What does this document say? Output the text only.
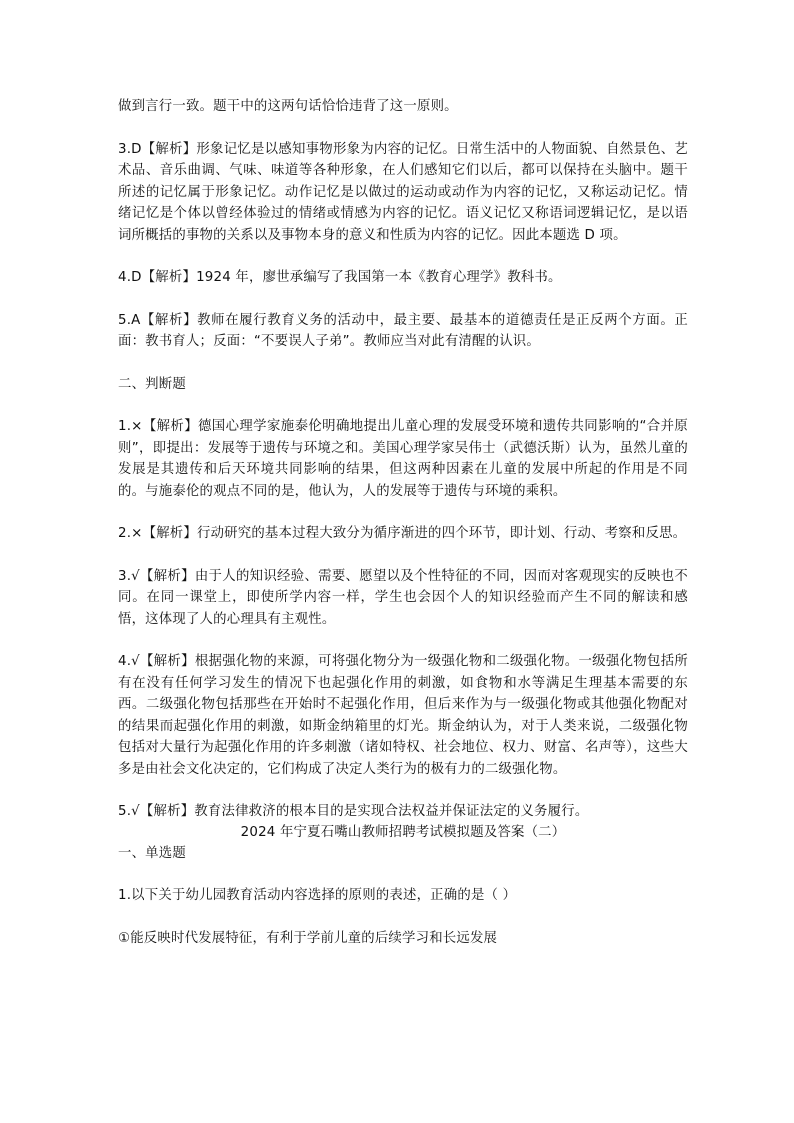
做到言行一致。题干中的这两句话恰恰违背了这一原则。

3.D【解析】形象记忆是以感知事物形象为内容的记忆。日常生活中的人物面貌、自然景色、艺术品、音乐曲调、气味、味道等各种形象，在人们感知它们以后，都可以保持在头脑中。题干所述的记忆属于形象记忆。动作记忆是以做过的运动或动作为内容的记忆，又称运动记忆。情绪记忆是个体以曾经体验过的情绪或情感为内容的记忆。语义记忆又称语词逻辑记忆，是以语词所概括的事物的关系以及事物本身的意义和性质为内容的记忆。因此本题选 D 项。

4.D【解析】1924 年，廖世承编写了我国第一本《教育心理学》教科书。

5.A【解析】教师在履行教育义务的活动中，最主要、最基本的道德责任是正反两个方面。正面：教书育人；反面：“不要误人子弟”。教师应当对此有清醒的认识。

二、判断题

1.×【解析】德国心理学家施泰伦明确地提出儿童心理的发展受环境和遗传共同影响的“合并原则”，即提出：发展等于遗传与环境之和。美国心理学家吴伟士（武德沃斯）认为，虽然儿童的发展是其遗传和后天环境共同影响的结果，但这两种因素在儿童的发展中所起的作用是不同的。与施泰伦的观点不同的是，他认为，人的发展等于遗传与环境的乘积。

2.×【解析】行动研究的基本过程大致分为循序渐进的四个环节，即计划、行动、考察和反思。

3.√【解析】由于人的知识经验、需要、愿望以及个性特征的不同，因而对客观现实的反映也不同。在同一课堂上，即使所学内容一样，学生也会因个人的知识经验而产生不同的解读和感悟，这体现了人的心理具有主观性。

4.√【解析】根据强化物的来源，可将强化物分为一级强化物和二级强化物。一级强化物包括所有在没有任何学习发生的情况下也起强化作用的刺激，如食物和水等满足生理基本需要的东西。二级强化物包括那些在开始时不起强化作用，但后来作为与一级强化物或其他强化物配对的结果而起强化作用的刺激，如斯金纳箱里的灯光。斯金纳认为，对于人类来说，二级强化物包括对大量行为起强化作用的许多刺激（诸如特权、社会地位、权力、财富、名声等），这些大多是由社会文化决定的，它们构成了决定人类行为的极有力的二级强化物。

5.√【解析】教育法律救济的根本目的是实现合法权益并保证法定的义务履行。

2024 年宁夏石嘴山教师招聘考试模拟题及答案（二）

一、单选题

1.以下关于幼儿园教育活动内容选择的原则的表述，正确的是（ ）

①能反映时代发展特征，有利于学前儿童的后续学习和长远发展
